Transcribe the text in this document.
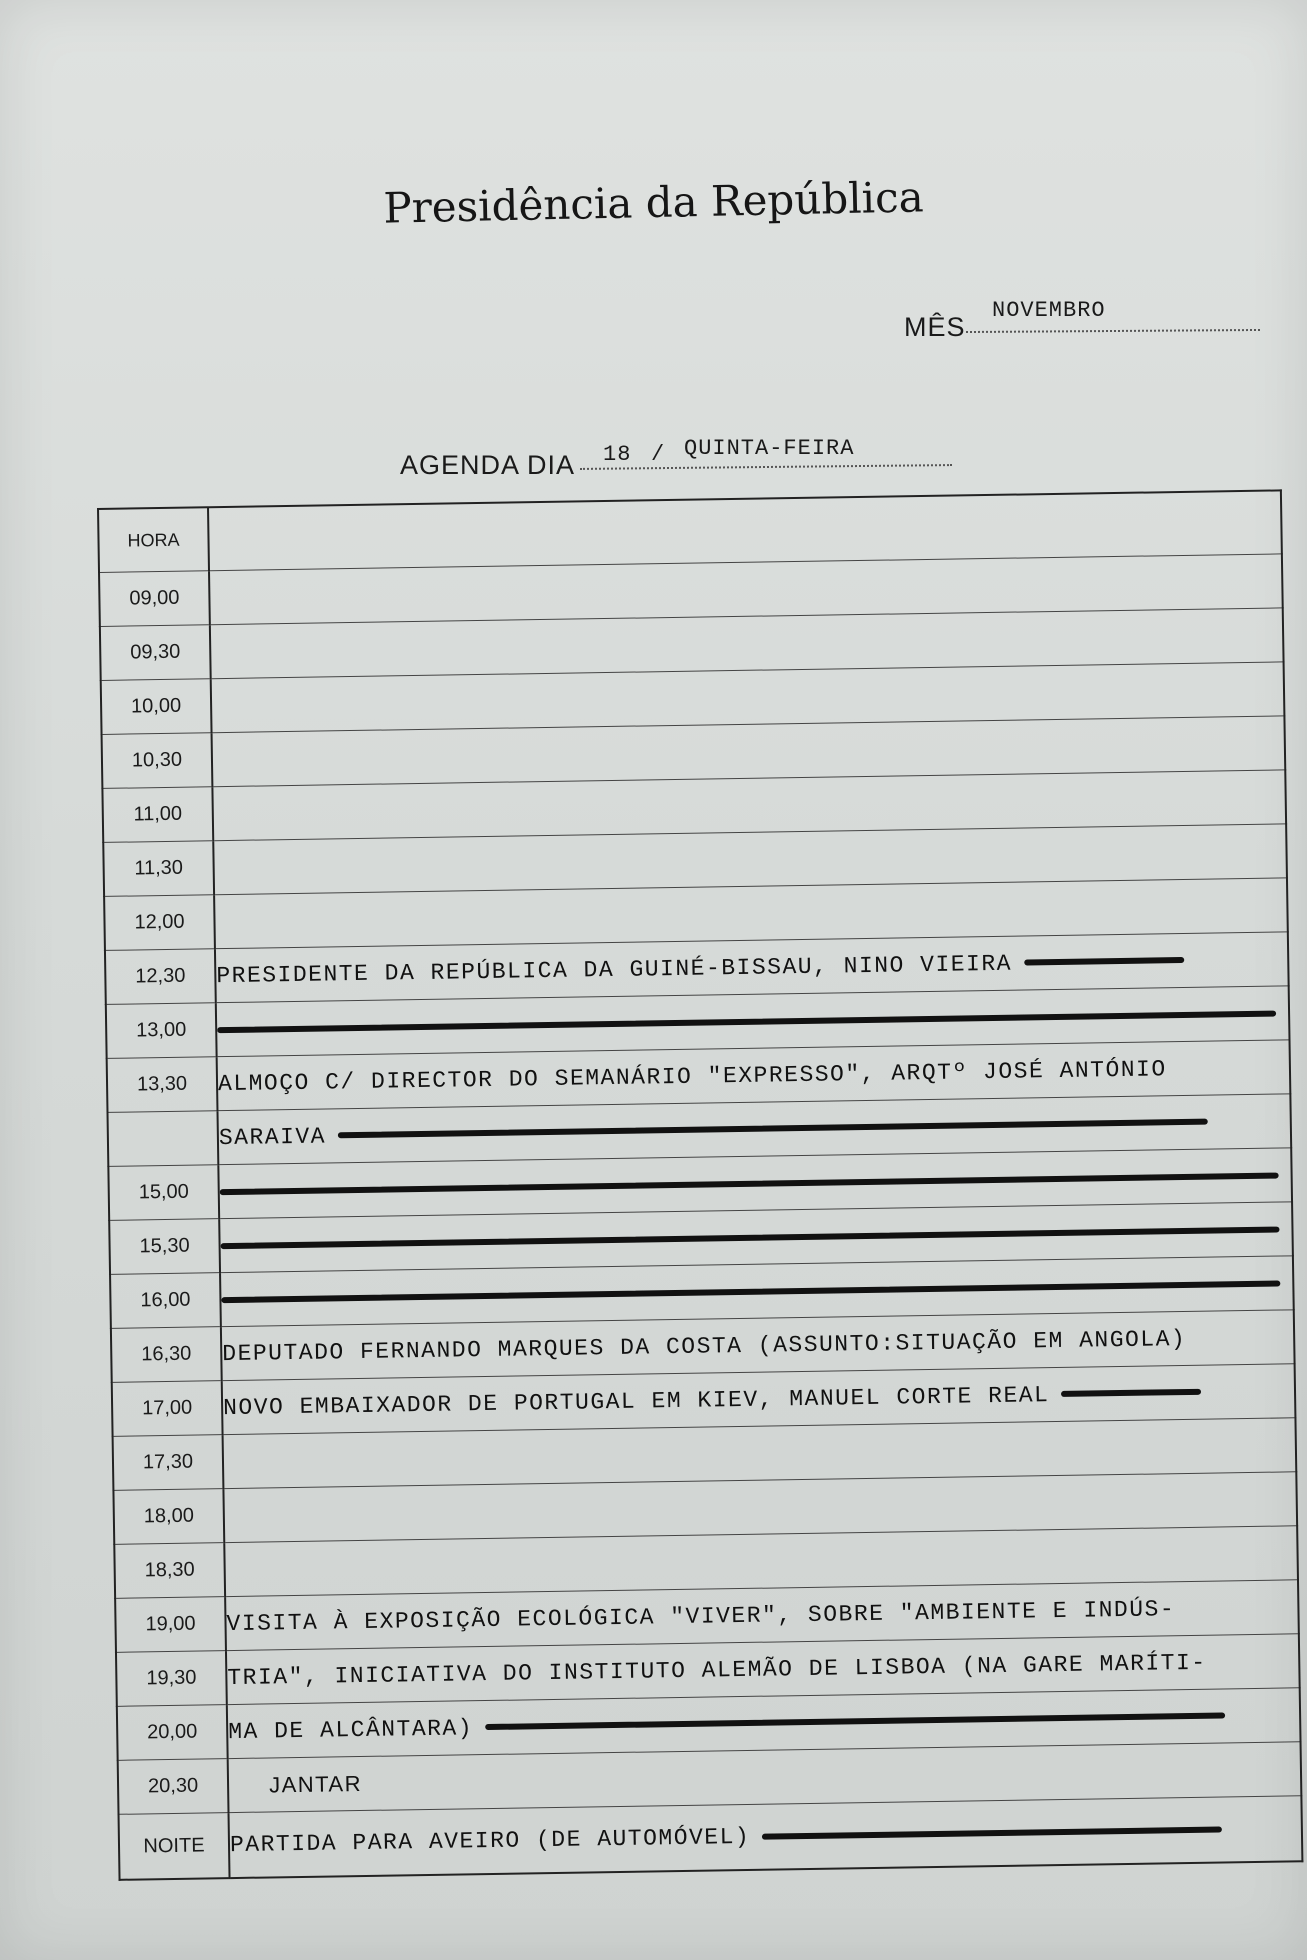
Presidência da República
MÊS
NOVEMBRO
AGENDA DIA 18 / QUINTA-FEIRA
HORA	
09,00	
09,30	
10,00	
10,30	
11,00	
11,30	
12,00	
12,30	PRESIDENTE DA REPÚBLICA DA GUINÉ-BISSAU, NINO VIEIRA
13,00	

13,30	ALMOÇO C/ DIRECTOR DO SEMANÁRIO "EXPRESSO", ARQTº JOSÉ ANTÓNIO
	SARAIVA
15,00	

15,30	

16,00	

16,30	DEPUTADO FERNANDO MARQUES DA COSTA (ASSUNTO:SITUAÇÃO EM ANGOLA)
17,00	NOVO EMBAIXADOR DE PORTUGAL EM KIEV, MANUEL CORTE REAL
17,30	
18,00	
18,30	
19,00	VISITA À EXPOSIÇÃO ECOLÓGICA "VIVER", SOBRE "AMBIENTE E INDÚS-
19,30	TRIA", INICIATIVA DO INSTITUTO ALEMÃO DE LISBOA (NA GARE MARÍTI-
20,00	MA DE ALCÂNTARA)
20,30	JANTAR
NOITE	PARTIDA PARA AVEIRO (DE AUTOMÓVEL)
